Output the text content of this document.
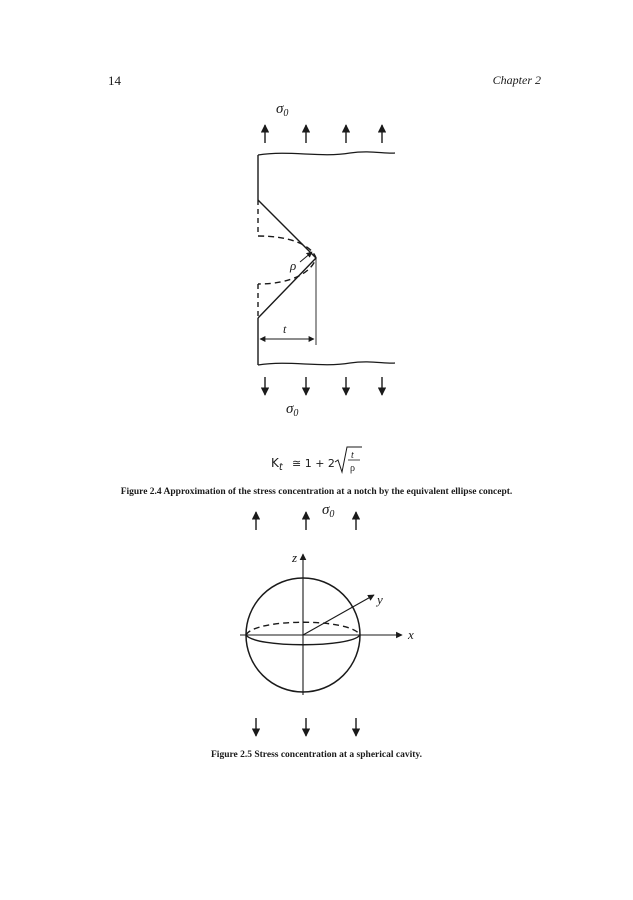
14	Chapter 2
$\sigma_0$
ρ
t
$\sigma_0$
$K_t$ ≅ 1 + 2
t
ρ
$\sigma_0$
z
y
x
Figure 2.4 Approximation of the stress concentration at a notch by the equivalent ellipse concept.
Figure 2.5 Stress concentration at a spherical cavity.
